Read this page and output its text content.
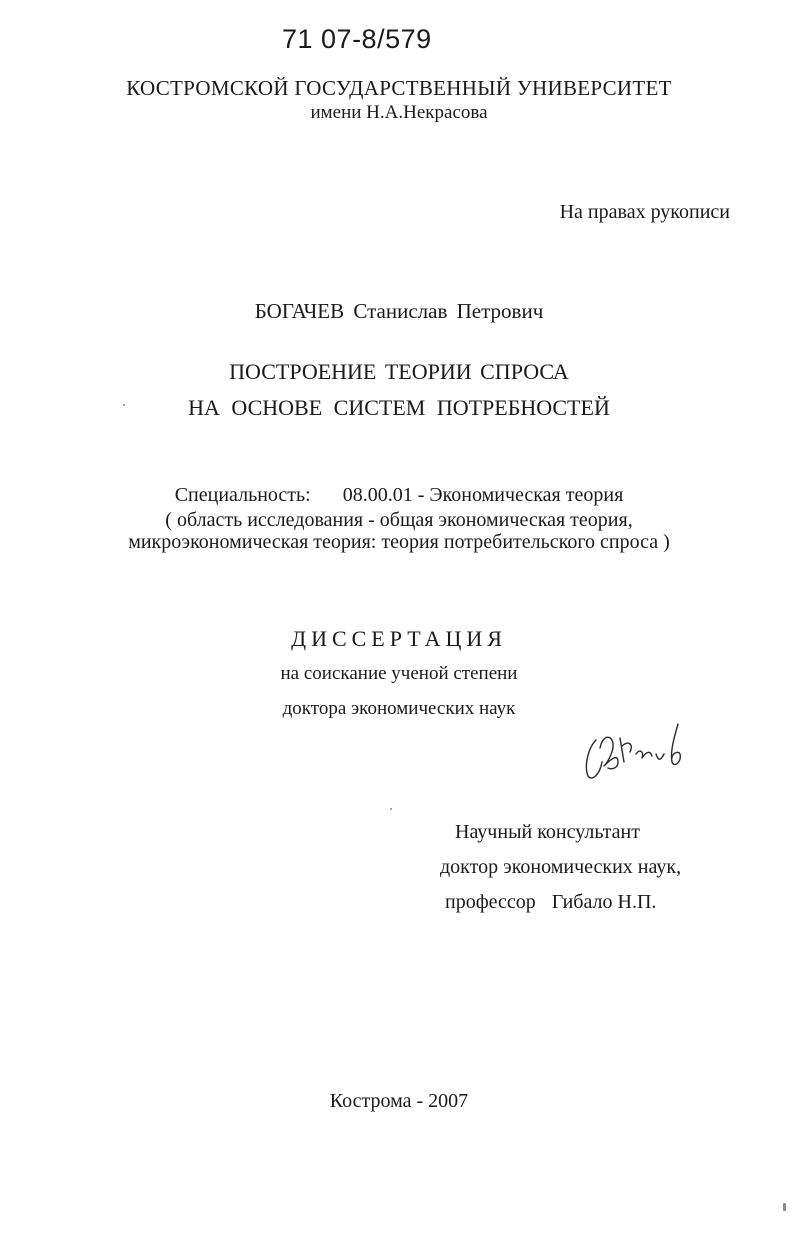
71 07-8/579
КОСТРОМСКОЙ ГОСУДАРСТВЕННЫЙ УНИВЕРСИТЕТ
имени Н.А.Некрасова
На правах рукописи
БОГАЧЕВ Станислав Петрович
ПОСТРОЕНИЕ ТЕОРИИ СПРОСА
НА ОСНОВЕ СИСТЕМ ПОТРЕБНОСТЕЙ
Специальность: 08.00.01 - Экономическая теория
( область исследования - общая экономическая теория,
микроэкономическая теория: теория потребительского спроса )
ДИССЕРТАЦИЯ
на соискание ученой степени
доктора экономических наук
Научный консультант
доктор экономических наук,
профессор Гибало Н.П.
Кострома - 2007
